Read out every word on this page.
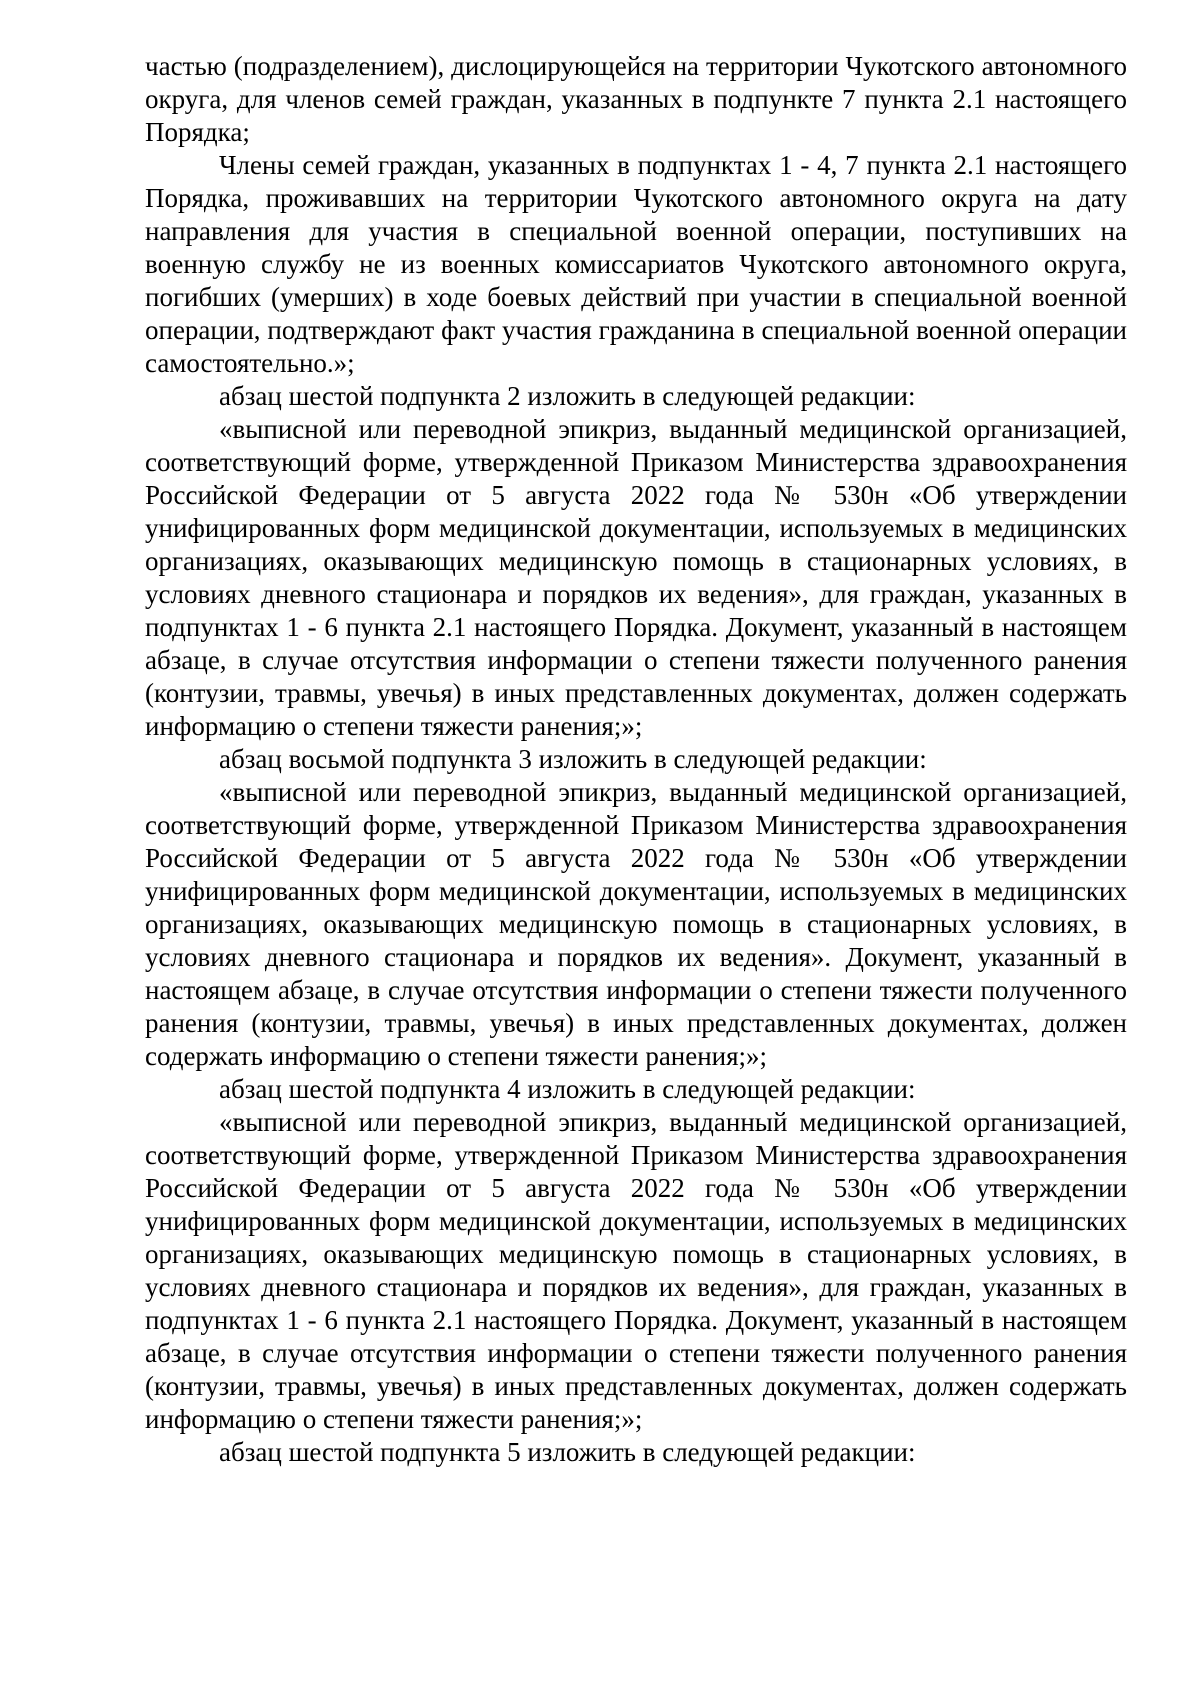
частью (подразделением), дислоцирующейся на территории Чукотского автономного округа, для членов семей граждан, указанных в подпункте 7 пункта 2.1 настоящего Порядка;

Члены семей граждан, указанных в подпунктах 1 - 4, 7 пункта 2.1 настоящего Порядка, проживавших на территории Чукотского автономного округа на дату направления для участия в специальной военной операции, поступивших на военную службу не из военных комиссариатов Чукотского автономного округа, погибших (умерших) в ходе боевых действий при участии в специальной военной операции, подтверждают факт участия гражданина в специальной военной операции самостоятельно.»;

абзац шестой подпункта 2 изложить в следующей редакции:

«выписной или переводной эпикриз, выданный медицинской организацией, соответствующий форме, утвержденной Приказом Министерства здравоохранения Российской Федерации от 5 августа 2022 года № 530н «Об утверждении унифицированных форм медицинской документации, используемых в медицинских организациях, оказывающих медицинскую помощь в стационарных условиях, в условиях дневного стационара и порядков их ведения», для граждан, указанных в подпунктах 1 - 6 пункта 2.1 настоящего Порядка. Документ, указанный в настоящем абзаце, в случае отсутствия информации о степени тяжести полученного ранения (контузии, травмы, увечья) в иных представленных документах, должен содержать информацию о степени тяжести ранения;»;

абзац восьмой подпункта 3 изложить в следующей редакции:

«выписной или переводной эпикриз, выданный медицинской организацией, соответствующий форме, утвержденной Приказом Министерства здравоохранения Российской Федерации от 5 августа 2022 года № 530н «Об утверждении унифицированных форм медицинской документации, используемых в медицинских организациях, оказывающих медицинскую помощь в стационарных условиях, в условиях дневного стационара и порядков их ведения». Документ, указанный в настоящем абзаце, в случае отсутствия информации о степени тяжести полученного ранения (контузии, травмы, увечья) в иных представленных документах, должен содержать информацию о степени тяжести ранения;»;

абзац шестой подпункта 4 изложить в следующей редакции:

«выписной или переводной эпикриз, выданный медицинской организацией, соответствующий форме, утвержденной Приказом Министерства здравоохранения Российской Федерации от 5 августа 2022 года № 530н «Об утверждении унифицированных форм медицинской документации, используемых в медицинских организациях, оказывающих медицинскую помощь в стационарных условиях, в условиях дневного стационара и порядков их ведения», для граждан, указанных в подпунктах 1 - 6 пункта 2.1 настоящего Порядка. Документ, указанный в настоящем абзаце, в случае отсутствия информации о степени тяжести полученного ранения (контузии, травмы, увечья) в иных представленных документах, должен содержать информацию о степени тяжести ранения;»;

абзац шестой подпункта 5 изложить в следующей редакции:
